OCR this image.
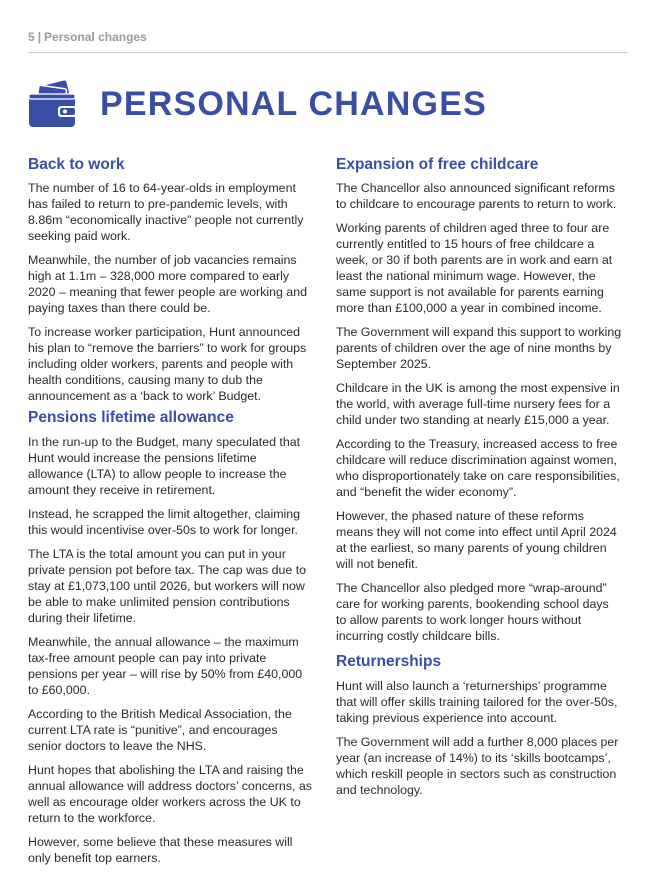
5 | Personal changes
PERSONAL CHANGES
Back to work

The number of 16 to 64-year-olds in employment has failed to return to pre-pandemic levels, with 8.86m “economically inactive” people not currently seeking paid work.

Meanwhile, the number of job vacancies remains high at 1.1m – 328,000 more compared to early 2020 – meaning that fewer people are working and paying taxes than there could be.

To increase worker participation, Hunt announced his plan to “remove the barriers” to work for groups including older workers, parents and people with health conditions, causing many to dub the announcement as a ‘back to work’ Budget.

Pensions lifetime allowance

In the run-up to the Budget, many speculated that Hunt would increase the pensions lifetime allowance (LTA) to allow people to increase the amount they receive in retirement.

Instead, he scrapped the limit altogether, claiming this would incentivise over-50s to work for longer.

The LTA is the total amount you can put in your private pension pot before tax. The cap was due to stay at £1,073,100 until 2026, but workers will now be able to make unlimited pension contributions during their lifetime.

Meanwhile, the annual allowance – the maximum tax-free amount people can pay into private pensions per year – will rise by 50% from £40,000 to £60,000.

According to the British Medical Association, the current LTA rate is “punitive”, and encourages senior doctors to leave the NHS.

Hunt hopes that abolishing the LTA and raising the annual allowance will address doctors’ concerns, as well as encourage older workers across the UK to return to the workforce.

However, some believe that these measures will only benefit top earners.

Expansion of free childcare

The Chancellor also announced significant reforms to childcare to encourage parents to return to work.

Working parents of children aged three to four are currently entitled to 15 hours of free childcare a week, or 30 if both parents are in work and earn at least the national minimum wage. However, the same support is not available for parents earning more than £100,000 a year in combined income.

The Government will expand this support to working parents of children over the age of nine months by September 2025.

Childcare in the UK is among the most expensive in the world, with average full-time nursery fees for a child under two standing at nearly £15,000 a year.

According to the Treasury, increased access to free childcare will reduce discrimination against women, who disproportionately take on care responsibilities, and “benefit the wider economy”.

However, the phased nature of these reforms means they will not come into effect until April 2024 at the earliest, so many parents of young children will not benefit.

The Chancellor also pledged more “wrap-around” care for working parents, bookending school days to allow parents to work longer hours without incurring costly childcare bills.

Returnerships

Hunt will also launch a ‘returnerships’ programme that will offer skills training tailored for the over-50s, taking previous experience into account.

The Government will add a further 8,000 places per year (an increase of 14%) to its ‘skills bootcamps’, which reskill people in sectors such as construction and technology.
